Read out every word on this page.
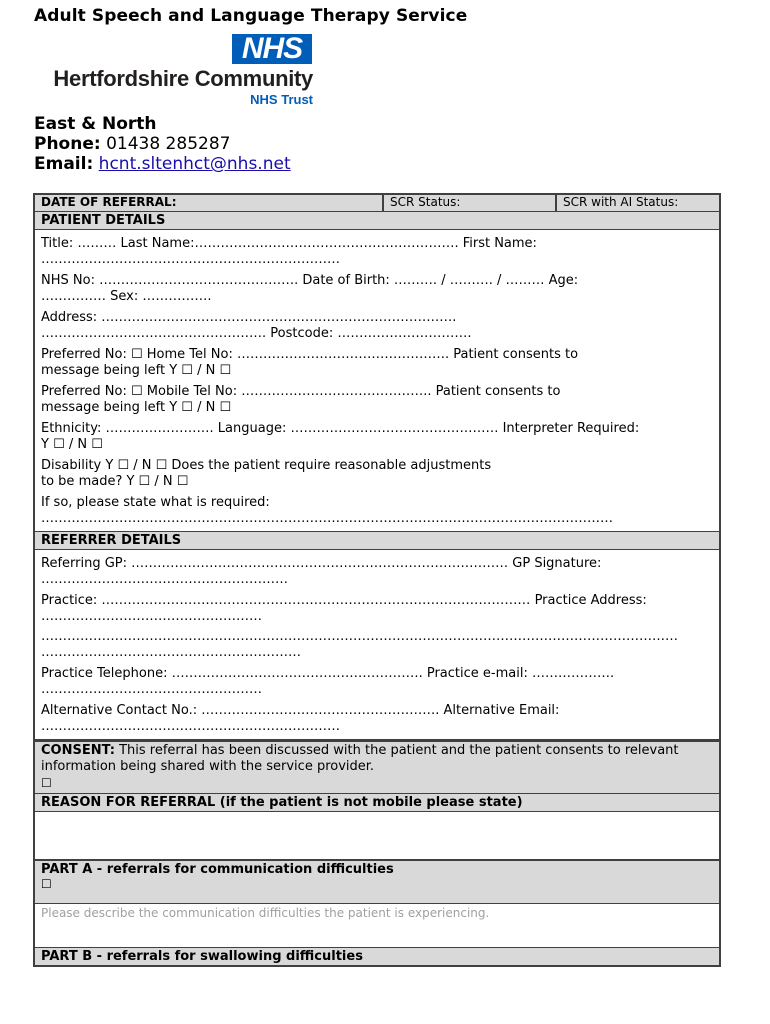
Adult Speech and Language Therapy Service
NHS
Hertfordshire Community
NHS Trust
East & North
Phone: 01438 285287
Email: hcnt.sltenhct@nhs.net
DATE OF REFERRAL:	SCR Status:	SCR with AI Status:
PATIENT DETAILS
Title: ……… Last Name:……………………………………………………. First Name:
……………………………………………………………
NHS No: ………………………………………. Date of Birth: ………. / ………. / ……… Age:
…………… Sex: …………….
Address: ……………………………………………………………………….
……………………………………………. Postcode: ………………………….
Preferred No: ☐ Home Tel No: …………………………………………. Patient consents to
message being left Y ☐ / N ☐
Preferred No: ☐ Mobile Tel No: …………………………………….. Patient consents to
message being left Y ☐ / N ☐
Ethnicity: ……………………. Language: ………………………………………… Interpreter Required:
Y ☐ / N ☐
Disability Y ☐ / N ☐ Does the patient require reasonable adjustments
to be made? Y ☐ / N ☐
If so, please state what is required:
……………………………………………………………………………………………………………………
REFERRER DETAILS
Referring GP: …………………………………………………………………………… GP Signature:
…………………………………………………
Practice: ……………………………………………………………………………………… Practice Address:
……………………………………………
…………………………………………………………………………………………………………………………………
……………………………………………………
Practice Telephone: …………………………………………………. Practice e-mail: ……………….
……………………………………………
Alternative Contact No.: ………………………………………………. Alternative Email:
……………………………………………………………
CONSENT: This referral has been discussed with the patient and the patient consents to relevant information being shared with the service provider.
☐
REASON FOR REFERRAL (if the patient is not mobile please state)
PART A - referrals for communication difficulties
☐
Please describe the communication difficulties the patient is experiencing.
PART B - referrals for swallowing difficulties
